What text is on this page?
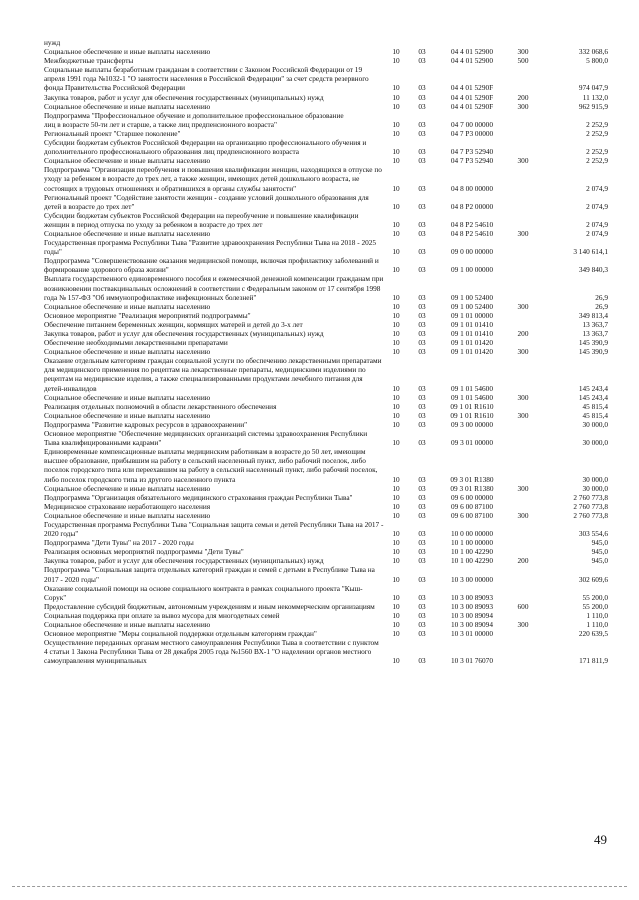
нужд					
Социальное обеспечение и иные выплаты населению	10	03	04 4 01 52900	300	332 068,6
Межбюджетные трансферты	10	03	04 4 01 52900	500	5 800,0
Социальные выплаты безработным гражданам в соответствии с Законом Российской Федерации от 19 апреля 1991 года №1032-1 "О занятости населения в Российской Федерации" за счет средств резервного фонда Правительства Российской Федерации	10	03	04 4 01 5290F		974 047,9
Закупка товаров, работ и услуг для обеспечения государственных (муниципальных) нужд	10	03	04 4 01 5290F	200	11 132,0
Социальное обеспечение и иные выплаты населению	10	03	04 4 01 5290F	300	962 915,9
Подпрограмма "Профессиональное обучение и дополнительное профессиональное образование					
лиц в возрасте 50-ти лет и старше, а также лиц предпенсионного возраста"	10	03	04 7 00 00000		2 252,9
Региональный проект "Старшее поколение"	10	03	04 7 P3 00000		2 252,9
Субсидии бюджетам субъектов Российской Федерации на организацию профессионального обучения и дополнительного профессионального образования лиц предпенсионного возраста	10	03	04 7 P3 52940		2 252,9
Социальное обеспечение и иные выплаты населению	10	03	04 7 P3 52940	300	2 252,9
Подпрограмма "Организация переобучения и повышения квалификации женщин, находящихся в отпуске по уходу за ребенком в возрасте до трех лет, а также женщин, имеющих детей дошкольного возраста, не состоящих в трудовых отношениях и обратившихся в органы службы занятости"	10	03	04 8 00 00000		2 074,9
Региональный проект "Содействие занятости женщин - создание условий дошкольного образования для детей в возрасте до трех лет"	10	03	04 8 P2 00000		2 074,9
Субсидии бюджетам субъектов Российской Федерации на переобучение и повышение квалификации женщин в период отпуска по уходу за ребенком в возрасте до трех лет	10	03	04 8 P2 54610		2 074,9
Социальное обеспечение и иные выплаты населению	10	03	04 8 P2 54610	300	2 074,9
Государственная программа Республики Тыва "Развитие здравоохранения Республики Тыва на 2018 - 2025 годы"	10	03	09 0 00 00000		3 140 614,1
Подпрограмма "Совершенствование оказания медицинской помощи, включая профилактику заболеваний и формирование здорового образа жизни"	10	03	09 1 00 00000		349 840,3
Выплата государственного единовременного пособия и ежемесячной денежной компенсации гражданам при возникновении поствакцинальных осложнений в соответствии с Федеральным законом от 17 сентября 1998 года № 157-ФЗ "Об иммунопрофилактике инфекционных болезней"	10	03	09 1 00 52400		26,9
Социальное обеспечение и иные выплаты населению	10	03	09 1 00 52400	300	26,9
Основное мероприятие "Реализация мероприятий подпрограммы"	10	03	09 1 01 00000		349 813,4
Обеспечение питанием беременных женщин, кормящих матерей и детей до 3-х лет	10	03	09 1 01 01410		13 363,7
Закупка товаров, работ и услуг для обеспечения государственных (муниципальных) нужд	10	03	09 1 01 01410	200	13 363,7
Обеспечение необходимыми лекарственными препаратами	10	03	09 1 01 01420		145 390,9
Социальное обеспечение и иные выплаты населению	10	03	09 1 01 01420	300	145 390,9
Оказание отдельным категориям граждан социальной услуги по обеспечению лекарственными препаратами для медицинского применения по рецептам на лекарственные препараты, медицинскими изделиями по рецептам на медицинские изделия, а также специализированными продуктами лечебного питания для детей-инвалидов	10	03	09 1 01 54600		145 243,4
Социальное обеспечение и иные выплаты населению	10	03	09 1 01 54600	300	145 243,4
Реализация отдельных полномочий в области лекарственного обеспечения	10	03	09 1 01 R1610		45 815,4
Социальное обеспечение и иные выплаты населению	10	03	09 1 01 R1610	300	45 815,4
Подпрограмма "Развитие кадровых ресурсов в здравоохранении"	10	03	09 3 00 00000		30 000,0
Основное мероприятие "Обеспечение медицинских организаций системы здравоохранения Республики Тыва квалифицированными кадрами"	10	03	09 3 01 00000		30 000,0
Единовременные компенсационные выплаты медицинским работникам в возрасте до 50 лет, имеющим высшее образование, прибывшим на работу в сельский населенный пункт, либо рабочий поселок, либо поселок городского типа или переехавшим на работу в сельский населенный пункт, либо рабочий поселок, либо поселок городского типа из другого населенного пункта	10	03	09 3 01 R1380		30 000,0
Социальное обеспечение и иные выплаты населению	10	03	09 3 01 R1380	300	30 000,0
Подпрограмма "Организация обязательного медицинского страхования граждан Республики Тыва"	10	03	09 6 00 00000		2 760 773,8
Медицинское страхование неработающего населения	10	03	09 6 00 87100		2 760 773,8
Социальное обеспечение и иные выплаты населению	10	03	09 6 00 87100	300	2 760 773,8
Государственная программа Республики Тыва "Социальная защита семьи и детей Республики Тыва на 2017 - 2020 годы"	10	03	10 0 00 00000		303 554,6
Подпрограмма "Дети Тувы" на 2017 - 2020 годы	10	03	10 1 00 00000		945,0
Реализация основных мероприятий подпрограммы "Дети Тувы"	10	03	10 1 00 42290		945,0
Закупка товаров, работ и услуг для обеспечения государственных (муниципальных) нужд	10	03	10 1 00 42290	200	945,0
Подпрограмма "Социальная защита отдельных категорий граждан и семей с детьми в Республике Тыва на 2017 - 2020 годы"	10	03	10 3 00 00000		302 609,6
Оказание социальной помощи на основе социального контракта в рамках социального проекта "Кыш-Сорук"	10	03	10 3 00 89093		55 200,0
Предоставление субсидий бюджетным, автономным учреждениям и иным некоммерческим организациям	10	03	10 3 00 89093	600	55 200,0
Социальная поддержка при оплате за вывоз мусора для многодетных семей	10	03	10 3 00 89094		1 110,0
Социальное обеспечение и иные выплаты населению	10	03	10 3 00 89094	300	1 110,0
Основное мероприятие "Меры социальной поддержки отдельным категориям граждан"	10	03	10 3 01 00000		220 639,5
Осуществление переданных органам местного самоуправления Республики Тыва в соответствии с пунктом 4 статьи 1 Закона Республики Тыва от 28 декабря 2005 года №1560 ВХ-1 "О наделении органов местного самоуправления муниципальных	10	03	10 3 01 76070		171 811,9
49
